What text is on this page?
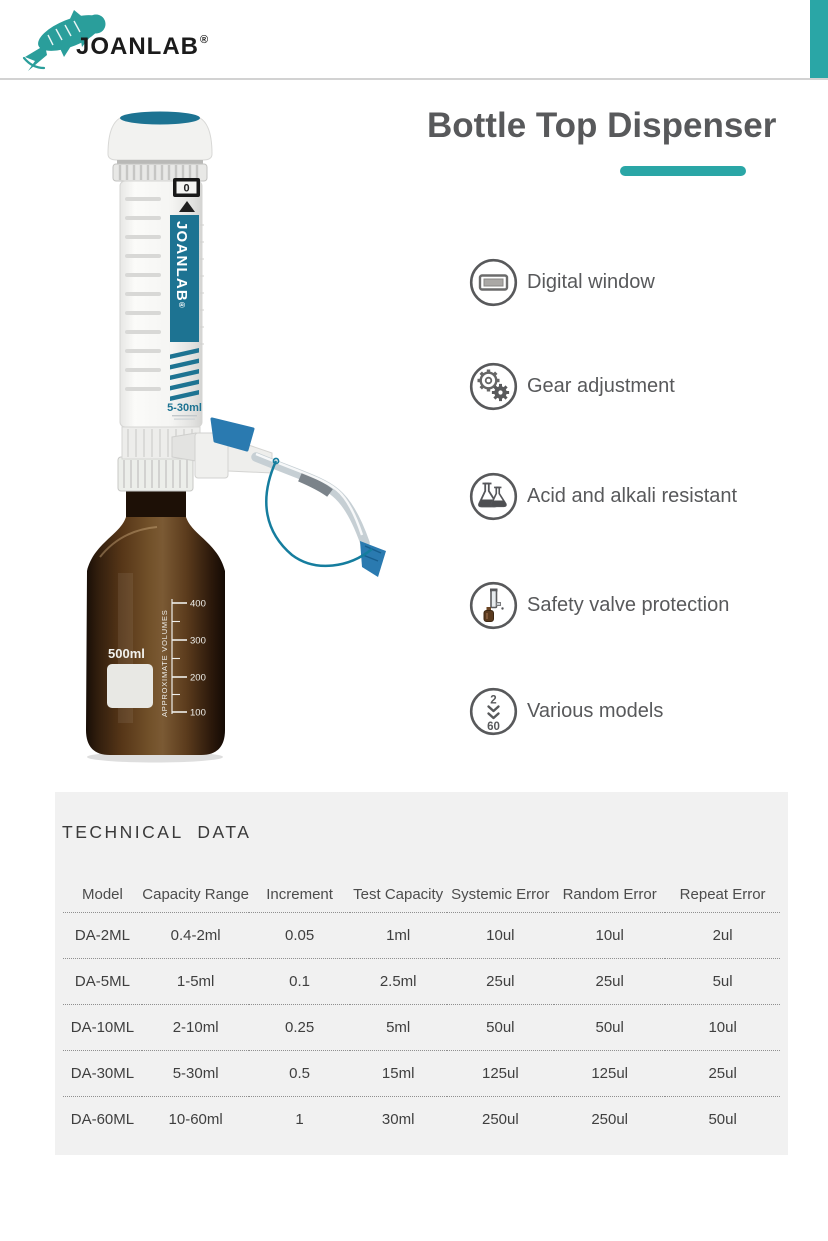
JOANLAB®
Bottle Top Dispenser
500ml
400
300
200
100
APPROXIMATE VOLUMES
0
JOANLAB®
5-30ml
Digital window
Gear adjustment
Acid and alkali resistant
Safety valve protection
2
60
Various models
TECHNICAL DATA
Model	Capacity Range	Increment	Test Capacity	Systemic Error	Random Error	Repeat Error
DA-2ML	0.4-2ml	0.05	1ml	10ul	10ul	2ul
DA-5ML	1-5ml	0.1	2.5ml	25ul	25ul	5ul
DA-10ML	2-10ml	0.25	5ml	50ul	50ul	10ul
DA-30ML	5-30ml	0.5	15ml	125ul	125ul	25ul
DA-60ML	10-60ml	1	30ml	250ul	250ul	50ul
